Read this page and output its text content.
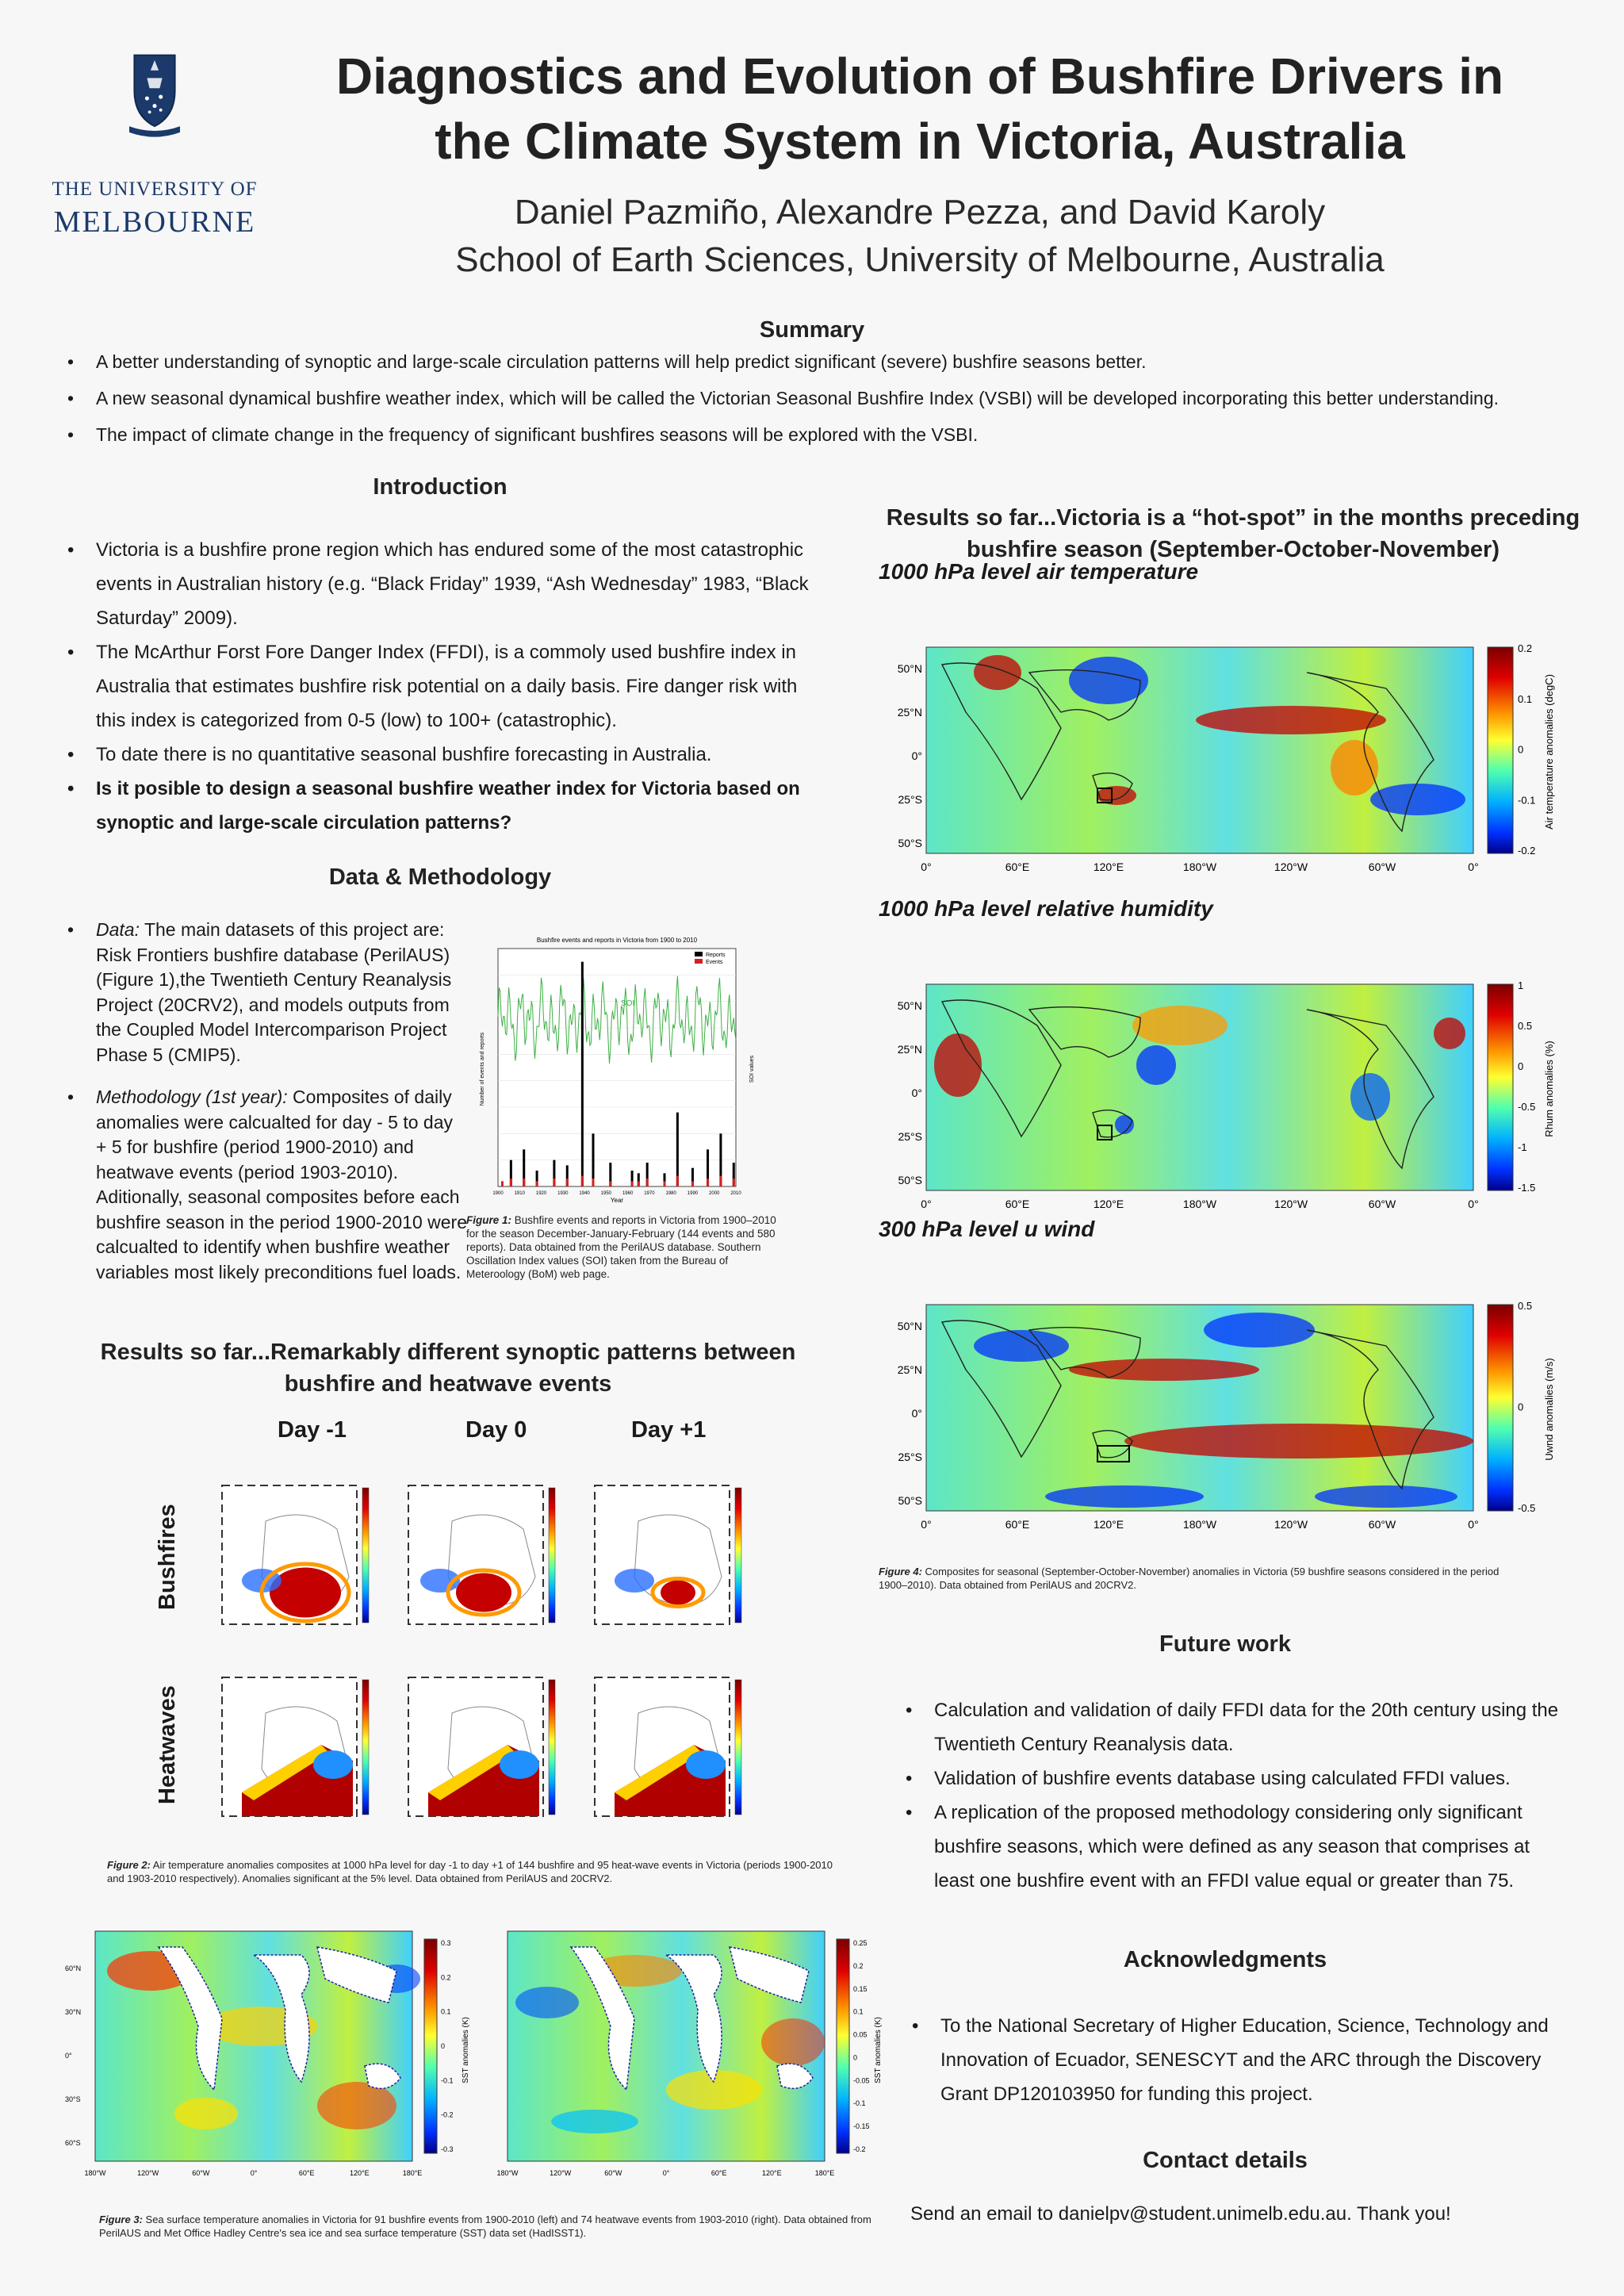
THE UNIVERSITY OF
MELBOURNE
Diagnostics and Evolution of Bushfire Drivers in
the Climate System in Victoria, Australia
Daniel Pazmiño, Alexandre Pezza, and David Karoly
School of Earth Sciences, University of Melbourne, Australia
Summary
• A better understanding of synoptic and large-scale circulation patterns will help predict significant (severe) bushfire seasons better.
• A new seasonal dynamical bushfire weather index, which will be called the Victorian Seasonal Bushfire Index (VSBI) will be developed incorporating this better understanding.
• The impact of climate change in the frequency of significant bushfires seasons will be explored with the VSBI.
Introduction
• Victoria is a bushfire prone region which has endured some of the most catastrophic events in Australian history (e.g. “Black Friday” 1939, “Ash Wednesday” 1983, “Black Saturday” 2009).
• The McArthur Forst Fore Danger Index (FFDI), is a commoly used bushfire index in Australia that estimates bushfire risk potential on a daily basis. Fire danger risk with this index is categorized from 0-5 (low) to 100+ (catastrophic).
• To date there is no quantitative seasonal bushfire forecasting in Australia.
• Is it posible to design a seasonal bushfire weather index for Victoria based on synoptic and large-scale circulation patterns?
Data & Methodology
• Data: The main datasets of this project are: Risk Frontiers bushfire database (PerilAUS) (Figure 1),the Twentieth Century Reanalysis Project (20CRV2), and models outputs from the Coupled Model Intercomparison Project Phase 5 (CMIP5).
• Methodology (1st year): Composites of daily anomalies were calcualted for day - 5 to day + 5 for bushfire (period 1900-2010) and heatwave events (period 1903-2010). Aditionally, seasonal composites before each bushfire season in the period 1900-2010 were calcualted to identify when bushfire weather variables most likely preconditions fuel loads.
Bushfire events and reports in Victoria from 1900 to 2010
SOI
Reports
Events
1900 1910 1920 1930 1940 1950 1960 1970 1980 1990 2000 2010
Year
Number of events and reports	SOI values
Figure 1: Bushfire events and reports in Victoria from 1900–2010 for the season December-January-February (144 events and 580 reports). Data obtained from the PerilAUS database. Southern Oscillation Index values (SOI) taken from the Bureau of Meteroology (BoM) web page.
Results so far...Remarkably different synoptic patterns between
bushfire and heatwave events
Day -1	Day 0	Day +1
Bushfires
Heatwaves
Figure 2: Air temperature anomalies composites at 1000 hPa level for day -1 to day +1 of 144 bushfire and 95 heat-wave events in Victoria (periods 1900-2010 and 1903-2010 respectively). Anomalies significant at the 5% level. Data obtained from PerilAUS and 20CRV2.
0.3
0.2
0.1
0
-0.1
-0.2
-0.3
SST anomalies (K)
60°N
30°N
0°
30°S
60°S
180°W	120°W	60°W	0°	60°E	120°E	180°E
0.25
0.2
0.15
0.1
0.05
0
-0.05
-0.1
-0.15
-0.2
SST anomalies (K)
180°W	120°W	60°W	0°	60°E	120°E	180°E
Figure 3: Sea surface temperature anomalies in Victoria for 91 bushfire events from 1900-2010 (left) and 74 heatwave events from 1903-2010 (right). Data obtained from PerilAUS and Met Office Hadley Centre's sea ice and sea surface temperature (SST) data set (HadISST1).
Results so far...Victoria is a “hot-spot” in the months preceding
bushfire season (September-October-November)
1000 hPa level air temperature
50°N
25°N
0°
25°S
50°S
0°	60°E	120°E	180°W	120°W	60°W	0°
0.2
0.1
0
-0.1
-0.2
Air temperature anomalies (degC)
1000 hPa level relative humidity
50°N
25°N
0°
25°S
50°S
0°	60°E	120°E	180°W	120°W	60°W	0°
1
0.5
0
-0.5
-1
-1.5
Rhum anomalies (%)
300 hPa level u wind
50°N
25°N
0°
25°S
50°S
0°	60°E	120°E	180°W	120°W	60°W	0°
0.5
0
-0.5
Uwnd anomalies (m/s)
Figure 4: Composites for seasonal (September-October-November) anomalies in Victoria (59 bushfire seasons considered in the period 1900–2010). Data obtained from PerilAUS and 20CRV2.
Future work
• Calculation and validation of daily FFDI data for the 20th century using the Twentieth Century Reanalysis data.
• Validation of bushfire events database using calculated FFDI values.
• A replication of the proposed methodology considering only significant bushfire seasons, which were defined as any season that comprises at least one bushfire event with an FFDI value equal or greater than 75.
Acknowledgments
• To the National Secretary of Higher Education, Science, Technology and Innovation of Ecuador, SENESCYT and the ARC through the Discovery Grant DP120103950 for funding this project.
Contact details
Send an email to danielpv@student.unimelb.edu.au. Thank you!
